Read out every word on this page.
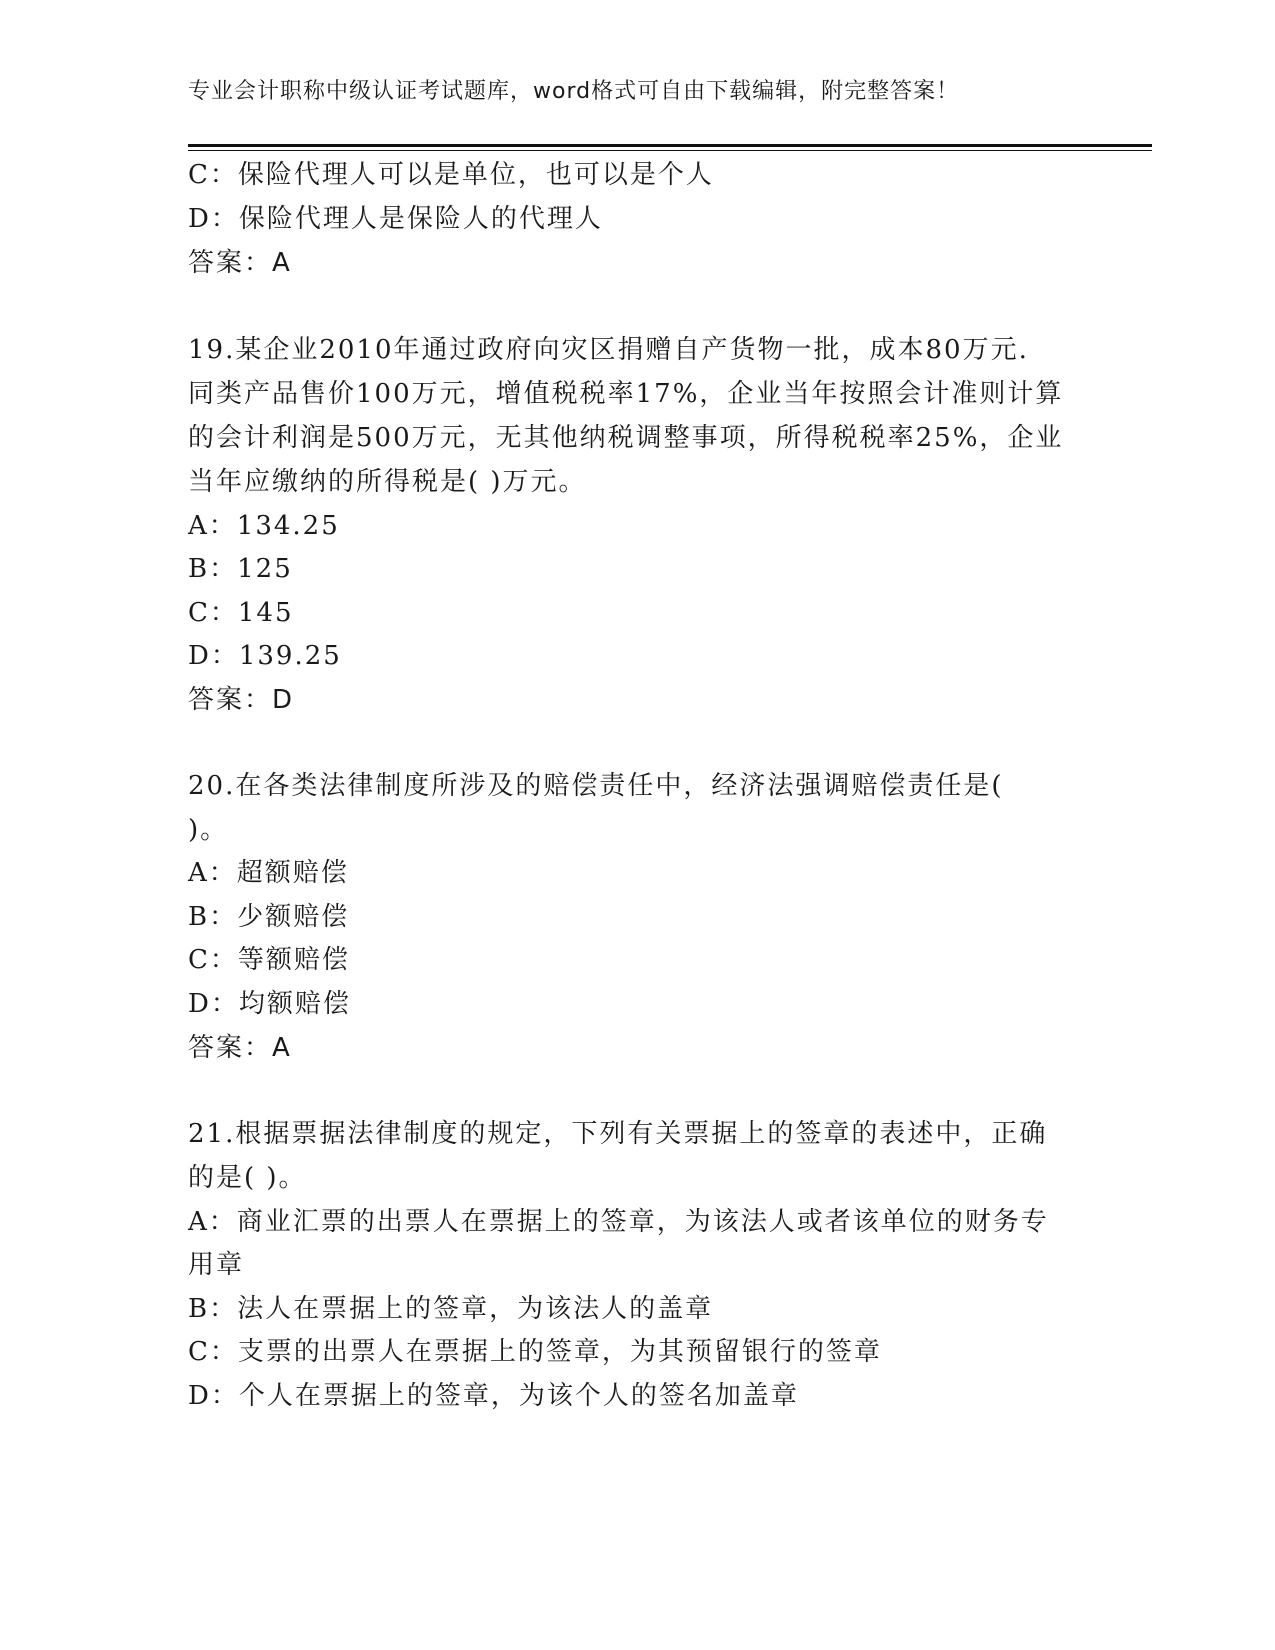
专业会计职称中级认证考试题库，word格式可自由下载编辑，附完整答案！
C：保险代理人可以是单位，也可以是个人
D：保险代理人是保险人的代理人
答案：A
19.某企业2010年通过政府向灾区捐赠自产货物一批，成本80万元.
同类产品售价100万元，增值税税率17%，企业当年按照会计准则计算
的会计利润是500万元，无其他纳税调整事项，所得税税率25%，企业
当年应缴纳的所得税是( )万元。
A：134.25
B：125
C：145
D：139.25
答案：D
20.在各类法律制度所涉及的赔偿责任中，经济法强调赔偿责任是(
)。
A：超额赔偿
B：少额赔偿
C：等额赔偿
D：均额赔偿
答案：A
21.根据票据法律制度的规定，下列有关票据上的签章的表述中，正确
的是( )。
A：商业汇票的出票人在票据上的签章，为该法人或者该单位的财务专
用章
B：法人在票据上的签章，为该法人的盖章
C：支票的出票人在票据上的签章，为其预留银行的签章
D：个人在票据上的签章，为该个人的签名加盖章
